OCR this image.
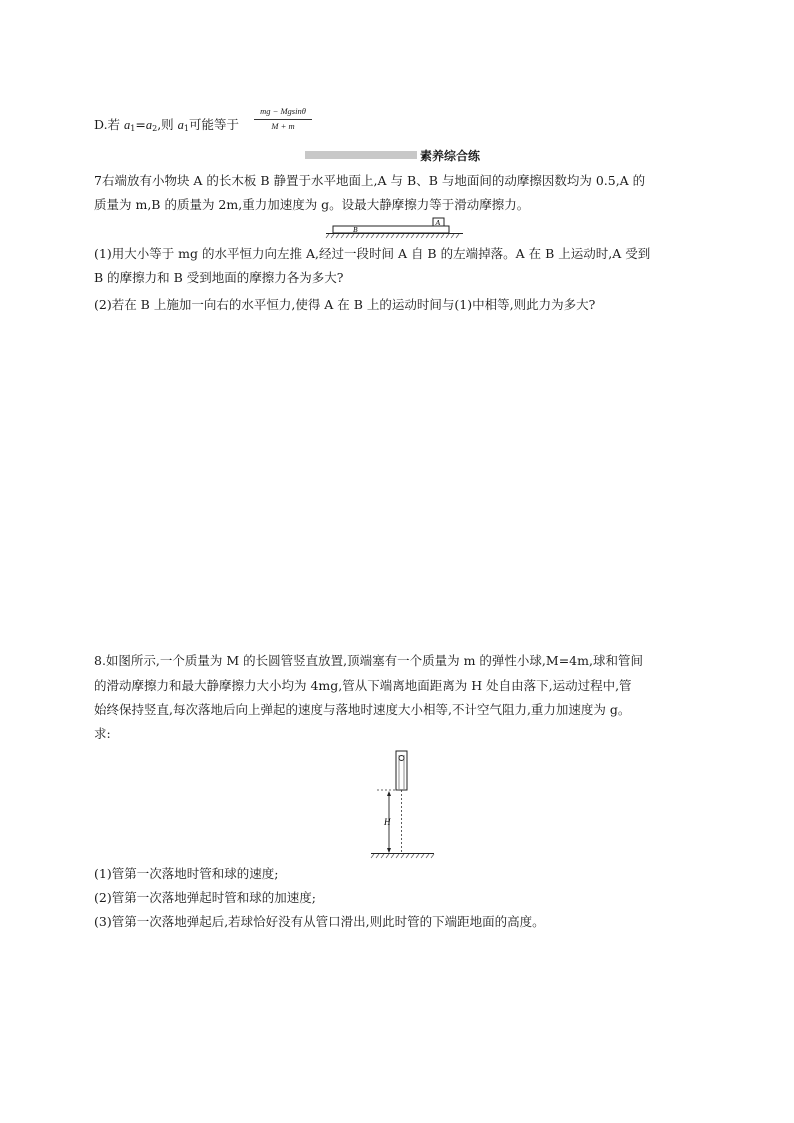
D.若 $a_1=a_2$,则 $a_1$可能等于
mg − Mgsinθ
M + m
素养综合练
7右端放有小物块 A 的长木板 B 静置于水平地面上,A 与 B、B 与地面间的动摩擦因数均为 0.5,A 的
质量为 m,B 的质量为 2m,重力加速度为 g。设最大静摩擦力等于滑动摩擦力。
A
B
(1)用大小等于 mg 的水平恒力向左推 A,经过一段时间 A 自 B 的左端掉落。A 在 B 上运动时,A 受到
B 的摩擦力和 B 受到地面的摩擦力各为多大?
(2)若在 B 上施加一向右的水平恒力,使得 A 在 B 上的运动时间与(1)中相等,则此力为多大?
8.如图所示,一个质量为 M 的长圆管竖直放置,顶端塞有一个质量为 m 的弹性小球,M=4m,球和管间
的滑动摩擦力和最大静摩擦力大小均为 4mg,管从下端离地面距离为 H 处自由落下,运动过程中,管
始终保持竖直,每次落地后向上弹起的速度与落地时速度大小相等,不计空气阻力,重力加速度为 g。
求:
H
(1)管第一次落地时管和球的速度;
(2)管第一次落地弹起时管和球的加速度;
(3)管第一次落地弹起后,若球恰好没有从管口滑出,则此时管的下端距地面的高度。
